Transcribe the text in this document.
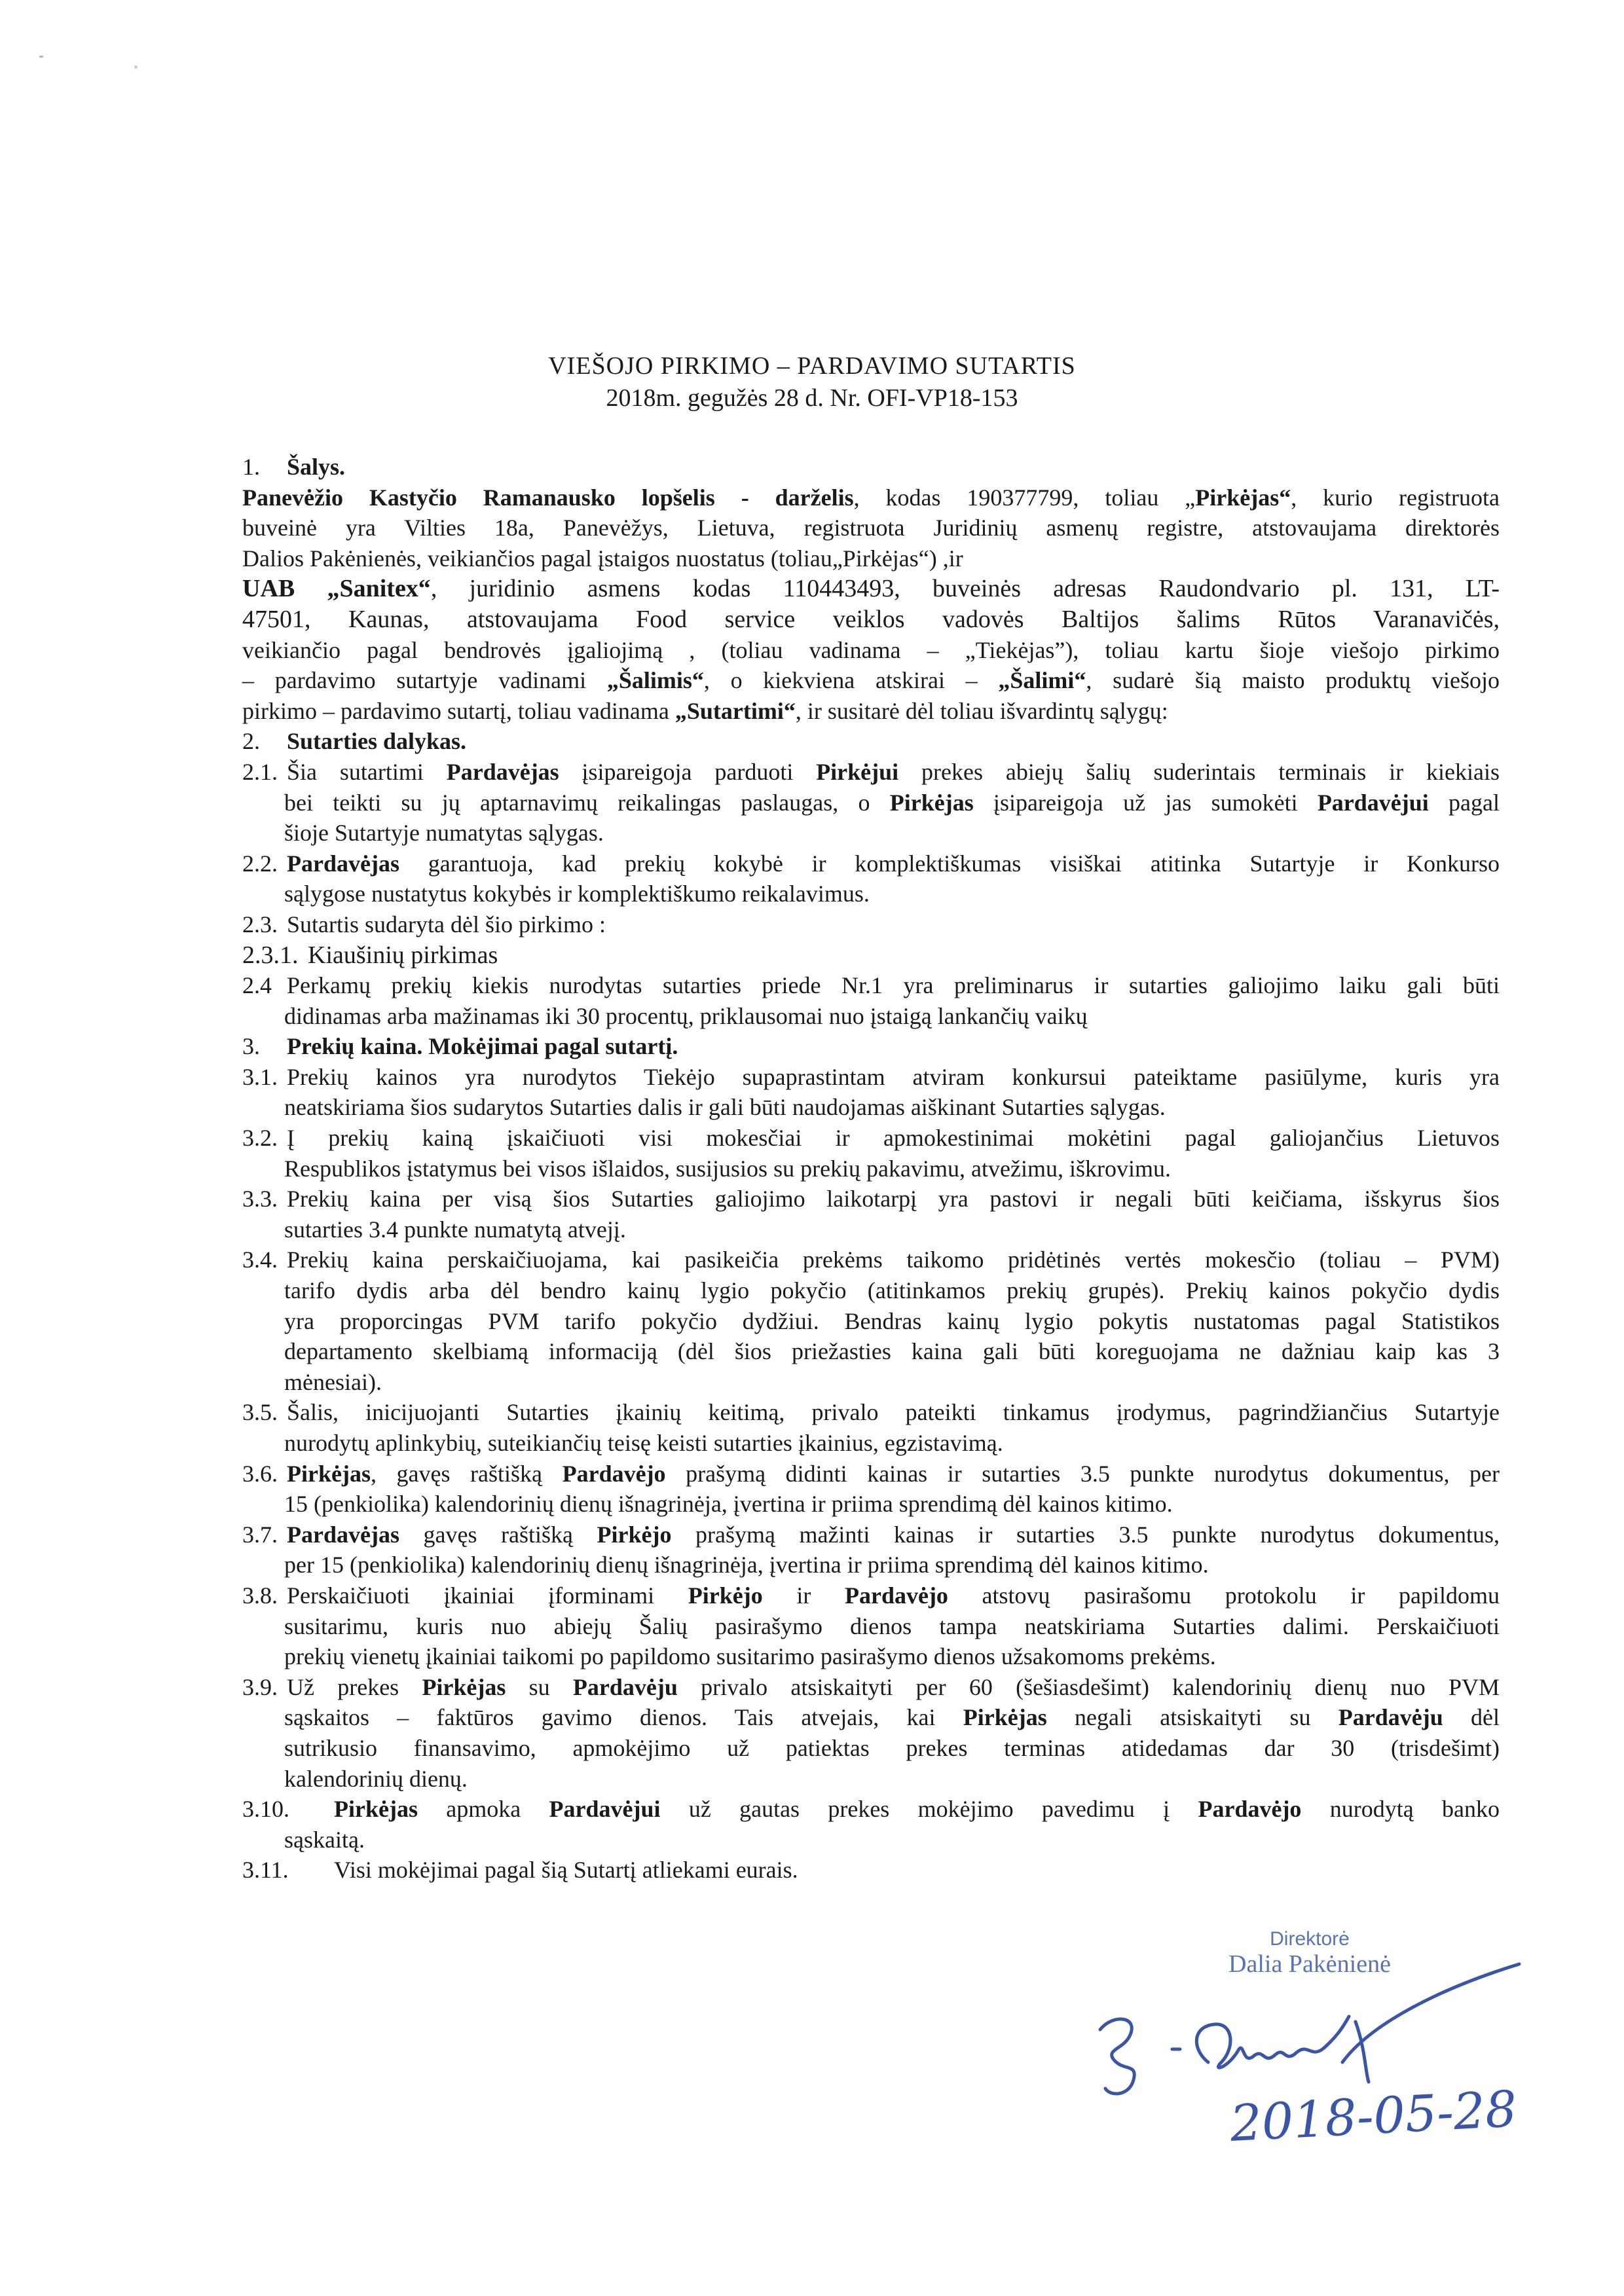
VIEŠOJO PIRKIMO – PARDAVIMO SUTARTIS
2018m. gegužės 28 d. Nr. OFI-VP18-153
1. Šalys.
Panevėžio Kastyčio Ramanausko lopšelis - darželis, kodas 190377799, toliau „Pirkėjas“, kurio registruota
buveinė yra Vilties 18a, Panevėžys, Lietuva, registruota Juridinių asmenų registre, atstovaujama direktorės
Dalios Pakėnienės, veikiančios pagal įstaigos nuostatus (toliau„Pirkėjas“) ,ir
UAB „Sanitex“, juridinio asmens kodas 110443493, buveinės adresas Raudondvario pl. 131, LT-
47501, Kaunas, atstovaujama Food service veiklos vadovės Baltijos šalims Rūtos Varanavičės,
veikiančio pagal bendrovės įgaliojimą , (toliau vadinama – „Tiekėjas”), toliau kartu šioje viešojo pirkimo
– pardavimo sutartyje vadinami „Šalimis“, o kiekviena atskirai – „Šalimi“, sudarė šią maisto produktų viešojo
pirkimo – pardavimo sutartį, toliau vadinama „Sutartimi“, ir susitarė dėl toliau išvardintų sąlygų:
2. Sutarties dalykas.
2.1. Šia sutartimi Pardavėjas įsipareigoja parduoti Pirkėjui prekes abiejų šalių suderintais terminais ir kiekiais
bei teikti su jų aptarnavimų reikalingas paslaugas, o Pirkėjas įsipareigoja už jas sumokėti Pardavėjui pagal
šioje Sutartyje numatytas sąlygas.
2.2. Pardavėjas garantuoja, kad prekių kokybė ir komplektiškumas visiškai atitinka Sutartyje ir Konkurso
sąlygose nustatytus kokybės ir komplektiškumo reikalavimus.
2.3. Sutartis sudaryta dėl šio pirkimo :
2.3.1. Kiaušinių pirkimas
2.4 Perkamų prekių kiekis nurodytas sutarties priede Nr.1 yra preliminarus ir sutarties galiojimo laiku gali būti
didinamas arba mažinamas iki 30 procentų, priklausomai nuo įstaigą lankančių vaikų
3. Prekių kaina. Mokėjimai pagal sutartį.
3.1. Prekių kainos yra nurodytos Tiekėjo supaprastintam atviram konkursui pateiktame pasiūlyme, kuris yra
neatskiriama šios sudarytos Sutarties dalis ir gali būti naudojamas aiškinant Sutarties sąlygas.
3.2. Į prekių kainą įskaičiuoti visi mokesčiai ir apmokestinimai mokėtini pagal galiojančius Lietuvos
Respublikos įstatymus bei visos išlaidos, susijusios su prekių pakavimu, atvežimu, iškrovimu.
3.3. Prekių kaina per visą šios Sutarties galiojimo laikotarpį yra pastovi ir negali būti keičiama, išskyrus šios
sutarties 3.4 punkte numatytą atvejį.
3.4. Prekių kaina perskaičiuojama, kai pasikeičia prekėms taikomo pridėtinės vertės mokesčio (toliau – PVM)
tarifo dydis arba dėl bendro kainų lygio pokyčio (atitinkamos prekių grupės). Prekių kainos pokyčio dydis
yra proporcingas PVM tarifo pokyčio dydžiui. Bendras kainų lygio pokytis nustatomas pagal Statistikos
departamento skelbiamą informaciją (dėl šios priežasties kaina gali būti koreguojama ne dažniau kaip kas 3
mėnesiai).
3.5. Šalis, inicijuojanti Sutarties įkainių keitimą, privalo pateikti tinkamus įrodymus, pagrindžiančius Sutartyje
nurodytų aplinkybių, suteikiančių teisę keisti sutarties įkainius, egzistavimą.
3.6. Pirkėjas, gavęs raštišką Pardavėjo prašymą didinti kainas ir sutarties 3.5 punkte nurodytus dokumentus, per
15 (penkiolika) kalendorinių dienų išnagrinėja, įvertina ir priima sprendimą dėl kainos kitimo.
3.7. Pardavėjas gavęs raštišką Pirkėjo prašymą mažinti kainas ir sutarties 3.5 punkte nurodytus dokumentus,
per 15 (penkiolika) kalendorinių dienų išnagrinėja, įvertina ir priima sprendimą dėl kainos kitimo.
3.8. Perskaičiuoti įkainiai įforminami Pirkėjo ir Pardavėjo atstovų pasirašomu protokolu ir papildomu
susitarimu, kuris nuo abiejų Šalių pasirašymo dienos tampa neatskiriama Sutarties dalimi. Perskaičiuoti
prekių vienetų įkainiai taikomi po papildomo susitarimo pasirašymo dienos užsakomoms prekėms.
3.9. Už prekes Pirkėjas su Pardavėju privalo atsiskaityti per 60 (šešiasdešimt) kalendorinių dienų nuo PVM
sąskaitos – faktūros gavimo dienos. Tais atvejais, kai Pirkėjas negali atsiskaityti su Pardavėju dėl
sutrikusio finansavimo, apmokėjimo už patiektas prekes terminas atidedamas dar 30 (trisdešimt)
kalendorinių dienų.
3.10. Pirkėjas apmoka Pardavėjui už gautas prekes mokėjimo pavedimu į Pardavėjo nurodytą banko
sąskaitą.
3.11. Visi mokėjimai pagal šią Sutartį atliekami eurais.
Direktorė
Dalia Pakėnienė
2018-05-28
